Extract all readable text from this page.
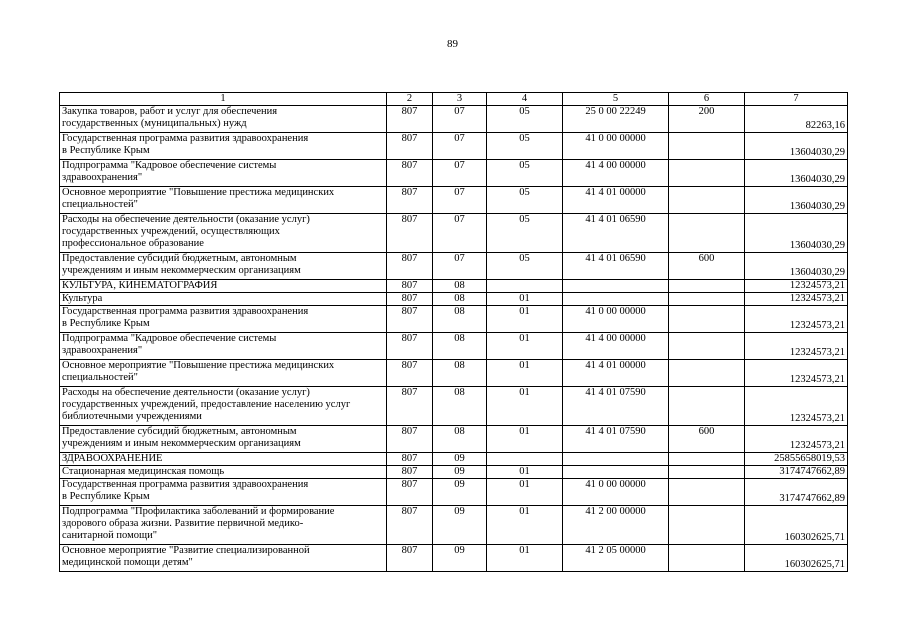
89
1	2	3	4	5	6	7
Закупка товаров, работ и услуг для обеспечения
государственных (муниципальных) нужд	807	07	05	25 0 00 22249	200	82263,16
Государственная программа развития здравоохранения
в Республике Крым	807	07	05	41 0 00 00000		13604030,29
Подпрограмма "Кадровое обеспечение системы
здравоохранения"	807	07	05	41 4 00 00000		13604030,29
Основное мероприятие "Повышение престижа медицинских
специальностей"	807	07	05	41 4 01 00000		13604030,29
Расходы на обеспечение деятельности (оказание услуг)
государственных учреждений, осуществляющих
профессиональное образование	807	07	05	41 4 01 06590		13604030,29
Предоставление субсидий бюджетным, автономным
учреждениям и иным некоммерческим организациям	807	07	05	41 4 01 06590	600	13604030,29
КУЛЬТУРА, КИНЕМАТОГРАФИЯ	807	08				12324573,21
Культура	807	08	01			12324573,21
Государственная программа развития здравоохранения
в Республике Крым	807	08	01	41 0 00 00000		12324573,21
Подпрограмма "Кадровое обеспечение системы
здравоохранения"	807	08	01	41 4 00 00000		12324573,21
Основное мероприятие "Повышение престижа медицинских
специальностей"	807	08	01	41 4 01 00000		12324573,21
Расходы на обеспечение деятельности (оказание услуг)
государственных учреждений, предоставление населению услуг
библиотечными учреждениями	807	08	01	41 4 01 07590		12324573,21
Предоставление субсидий бюджетным, автономным
учреждениям и иным некоммерческим организациям	807	08	01	41 4 01 07590	600	12324573,21
ЗДРАВООХРАНЕНИЕ	807	09				25855658019,53
Стационарная медицинская помощь	807	09	01			3174747662,89
Государственная программа развития здравоохранения
в Республике Крым	807	09	01	41 0 00 00000		3174747662,89
Подпрограмма "Профилактика заболеваний и формирование
здорового образа жизни. Развитие первичной медико-
санитарной помощи"	807	09	01	41 2 00 00000		160302625,71
Основное мероприятие "Развитие специализированной
медицинской помощи детям"	807	09	01	41 2 05 00000		160302625,71
